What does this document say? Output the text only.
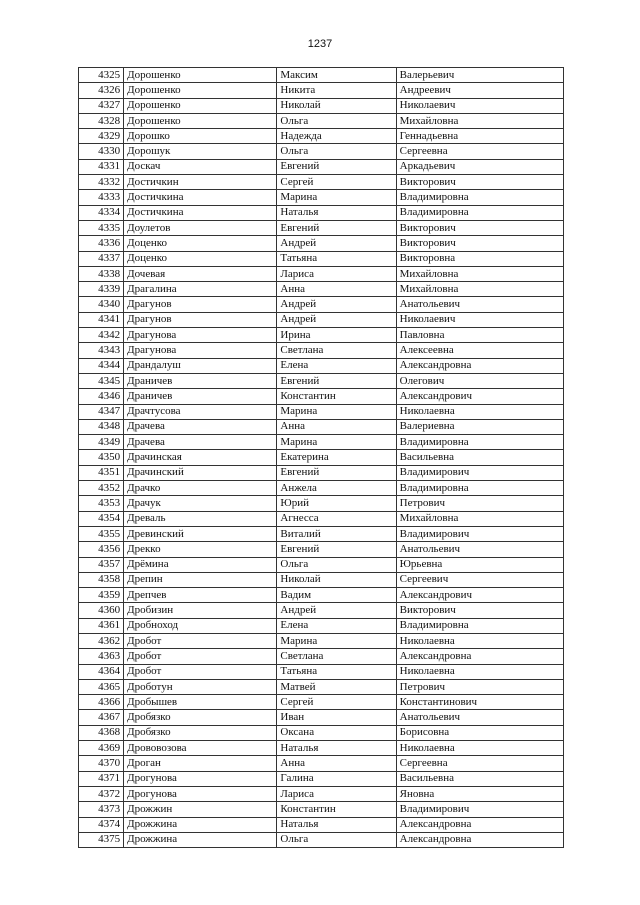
1237
4325	Дорошенко	Максим	Валерьевич
4326	Дорошенко	Никита	Андреевич
4327	Дорошенко	Николай	Николаевич
4328	Дорошенко	Ольга	Михайловна
4329	Дорошко	Надежда	Геннадьевна
4330	Дорошук	Ольга	Сергеевна
4331	Доскач	Евгений	Аркадьевич
4332	Достичкин	Сергей	Викторович
4333	Достичкина	Марина	Владимировна
4334	Достичкина	Наталья	Владимировна
4335	Доулетов	Евгений	Викторович
4336	Доценко	Андрей	Викторович
4337	Доценко	Татьяна	Викторовна
4338	Дочевая	Лариса	Михайловна
4339	Драгалина	Анна	Михайловна
4340	Драгунов	Андрей	Анатольевич
4341	Драгунов	Андрей	Николаевич
4342	Драгунова	Ирина	Павловна
4343	Драгунова	Светлана	Алексеевна
4344	Драндалуш	Елена	Александровна
4345	Драничев	Евгений	Олегович
4346	Драничев	Константин	Александрович
4347	Драчтусова	Марина	Николаевна
4348	Драчева	Анна	Валериевна
4349	Драчева	Марина	Владимировна
4350	Драчинская	Екатерина	Васильевна
4351	Драчинский	Евгений	Владимирович
4352	Драчко	Анжела	Владимировна
4353	Драчук	Юрий	Петрович
4354	Древаль	Агнесса	Михайловна
4355	Древинский	Виталий	Владимирович
4356	Дрекко	Евгений	Анатольевич
4357	Дрёмина	Ольга	Юрьевна
4358	Дрепин	Николай	Сергеевич
4359	Дрепчев	Вадим	Александрович
4360	Дробизин	Андрей	Викторович
4361	Дробноход	Елена	Владимировна
4362	Дробот	Марина	Николаевна
4363	Дробот	Светлана	Александровна
4364	Дробот	Татьяна	Николаевна
4365	Дроботун	Матвей	Петрович
4366	Дробышев	Сергей	Константинович
4367	Дробязко	Иван	Анатольевич
4368	Дробязко	Оксана	Борисовна
4369	Дрововозова	Наталья	Николаевна
4370	Дроган	Анна	Сергеевна
4371	Дрогунова	Галина	Васильевна
4372	Дрогунова	Лариса	Яновна
4373	Дрожжин	Константин	Владимирович
4374	Дрожжина	Наталья	Александровна
4375	Дрожжина	Ольга	Александровна
